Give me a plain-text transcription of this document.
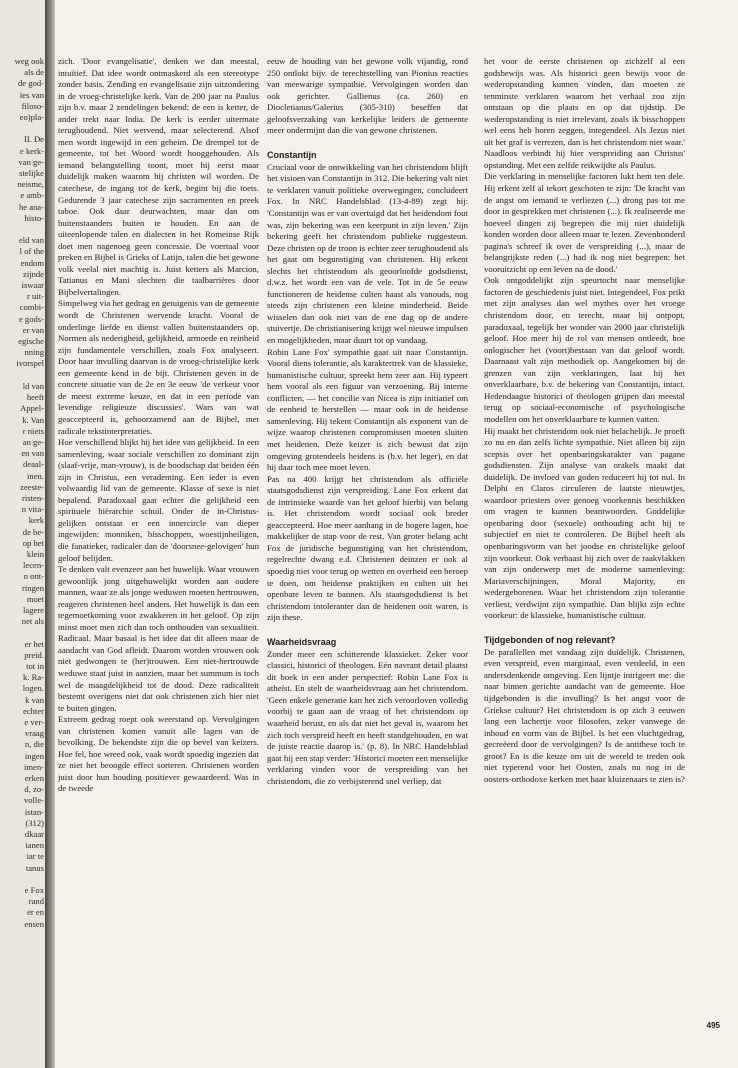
weg ook
als de
de god-
ies van
filoso-
eo)pla-

II. De
e kerk-
van ge-
stelijke
neisme,
e amb-
he ana-
histo-

eld van
l of the
endom
zijnde
iswaar
r uit-
combi-
e gods-
er van
egische
nning
ivorspel

ld van
heeft
Appel-
k. Van
r niets
an ge-
en van
deaal-
inen.
zeeste-
risten-
n vita-
kerk
de be-
op het
klein
lecen-
n ont-
ringen
moet
lagere
net als

er het
preid.
tot in
k. Ra-
logen.
k van
echter
e ver-
vraag
n, die
ingen
imen-
erken
d, zo-
volle-
istan-
(312)
dkaar
ianen
iar te
tanus

e Fox
rand
er en
ensen

zich. 'Door evangelisatie', denken we dan meestal, intuïtief. Dat idee wordt ontmaskerd als een stereotype zonder basis. Zending en evangelisatie zijn uitzondering in de vroeg-christelijke kerk. Van de 200 jaar na Paulus zijn b.v. maar 2 zendelingen bekend: de een is ketter, de ander trekt naar India. De kerk is eerder uitermate terughoudend. Niet wervend, maar selecterend. Alsof men wordt ingewijd in een geheim. De drempel tot de gemeente, tot het Woord wordt hooggehouden. Als iemand belangstelling toont, moet hij eerst maar duidelijk maken waarom hij christen wil worden. De catechese, de ingang tot de kerk, begint bij die toets. Gedurende 3 jaar catechese zijn sacramenten en preek taboe. Ook daar deurwachten, maar dan om buitenstaanders buiten te houden. En aan de uiteenlopende talen en dialecten in het Romeinse Rijk doet men nagenoeg geen concessie. De voertaal voor preken en Bijbel is Grieks of Latijn, talen die het gewone volk veelal niet machtig is. Juist ketters als Marcion, Tatianus en Mani slechten die taalbarrières door Bijbelvertalingen.

Simpelweg via het gedrag en getuigenis van de gemeente wordt de Christenen wervende kracht. Vooral de onderlinge liefde en dienst vallen buitenstaanders op. Normen als nederigheid, gelijkheid, armoede en reinheid zijn fundamentele verschillen, zoals Fox analyseert. Door haar invulling daarvan is de vroeg-christelijke kerk een gemeente kend in de bijt. Christenen geven in de concrete situatie van de 2e en 3e eeuw 'de verkeur voor de meest extreme keuze, en dat in een periode van levendige religieuze discussies'. Wars van wat geaccepteerd is, gehoorzamend aan de Bijbel, met radicale tekstinterpretaties.

Hoe verschillend blijkt hij het idee van gelijkheid. In een samenleving, waar sociale verschillen zo dominant zijn (slaaf-vrije, man-vrouw), is de boodschap dat beiden één zijn in Christus, een verademing. Een ieder is even volwaardig lid van de gemeente. Klasse of sexe is niet bepalend. Paradoxaal gaat echter die gelijkheid een spirituele hiërarchie schuil. Onder de in-Christus-gelijken ontstaat er een innercircle van dieper ingewijden: monniken, bisschoppen, woestijnheiligen, die fanatieker, radicaler dan de 'doorsnee-gelovigen' hun geloof belijden.

Te denken valt evenzeer aan het huwelijk. Waar vrouwen gewoonlijk jong uitgehuwelijkt worden aan oudere mannen, waar ze als jonge weduwen moeten hertrouwen, reageren christenen heel anders. Het huwelijk is dan een tegemoetkoming voor zwakkeren in het geloof. Op zijn minst moet men zich dan toch onthouden van sexualiteit. Radicaal. Maar basaal is het idee dat dit alleen maar de aandacht van God afleidt. Daarom worden vrouwen ook niet gedwongen te (her)trouwen. Een niet-hertrouwde weduwe staat juist in aanzien, maar het summum is toch wel de maagdelijkheid tot de dood. Deze radicaliteit bestemt overigens niet dat ook christenen zich hier niet te buiten gingen.

Extreem gedrag roept ook weerstand op. Vervolgingen van christenen komen vanuit alle lagen van de bevolking. De bekendste zijn die op bevel van keizers. Hoe fel, hoe wreed ook, vaak wordt spoedig ingezien dat ze niet het beoogde effect sorteren. Christenen worden juist door hun houding positiever gewaardeerd. Was in de tweede

eeuw de houding van het gewone volk vijandig, rond 250 ontlokt bijv. de terechtstelling van Pionius reacties van meewarige sympathie. Vervolgingen worden dan ook gerichter. Gallienus (ca. 260) en Diocletianus/Galerius (305-310) beseffen dat geloofsverzaking van kerkelijke leiders de gemeente meer ondermijnt dan die van gewone christenen.

Constantijn

Cruciaal voor de ontwikkeling van het christendom blijft het visioen van Constantijn in 312. Die bekering valt niet te verklaren vanuit politieke overwegingen, concludeert Fox. In NRC Handelsblad (13-4-89) zegt hij: 'Constantijn was er van overtuigd dat het heidendom fout was, zijn bekering was een keerpunt in zijn leven.' Zijn bekering geeft het christendom publieke ruggesteun. Deze christen op de troon is echter zeer terughoudend als het gaat om begunstiging van christenen. Hij erkent slechts het christendom als geoorloofde godsdienst, d.w.z. het wordt een van de vele. Tot in de 5e eeuw functioneren de heidense culten haast als vanouds, nog steeds zijn christenen een kleine minderheid. Beide wisselen dan ook niet van de ene dag op de andere stuivertje. De christianisering krijgt wel nieuwe impulsen en mogelijkheden, maar duurt tot op vandaag.

Robin Lane Fox' sympathie gaat uit naar Constantijn. Vooral diens tolerantie, als karaktertrek van de klassieke, humanistische cultuur, spreekt hem zeer aan. Hij typeert hem vooral als een figuur van verzoening. Bij interne conflicten, — het concilie van Nicea is zijn initiatief om de eenheid te herstellen — maar ook in de heidense samenleving. Hij tekent Constantijn als exponent van de wijze waarop christenen compromissen moeten sluiten met heidenen. Deze keizer is zich bewust dat zijn omgeving grotendeels heidens is (b.v. het leger), en dat hij daar toch mee moet leven.

Pas na 400 krijgt het christendom als officiële staatsgodsdienst zijn verspreiding. Lane Fox erkent dat de intrinsieke waarde van het geloof hierbij van belang is. Het christendom wordt sociaal ook breder geaccepteerd. Hoe meer aanhang in de hogere lagen, hoe makkelijker de stap voor de rest. Van groter belang acht Fox de juridische begunstiging van het christendom, regelrechte dwang e.d. Christenen deinzen er ook al spoedig niet voor terug op wetten en overheid een beroep te doen, om heidense praktijken en culten uit het openbare leven te bannen. Als staatsgodsdienst is het christendom intoleranter dan de heidenen ooit waren, is zijn these.

Waarheidsvraag

Zonder meer een schitterende klassieker. Zeker voor classici, historici of theologen. Eén navrant detail plaatst dit boek in een ander perspectief: Robin Lane Fox is atheïst. En stelt de waarheidsvraag aan het christendom. 'Geen enkele generatie kan het zich veroorloven volledig voorbij te gaan aan de vraag of het christendom op waarheid berust, en als dat niet het geval is, waarom het zich toch verspreid heeft en heeft standgehouden, en wat de juiste reactie daarop is.' (p. 8). In NRC Handelsblad gaat hij een stap verder: 'Historici moeten een menselijke verklaring vinden voor de verspreiding van het christendom, die zo verbijsterend snel verliep, dat

het voor de eerste christenen op zichzelf al een godsbewijs was. Als historici geen bewijs voor de wederopstanding kunnen vinden, dan moeten ze tenminste verklaren waarom het verhaal zou zijn ontstaan op die plaats en op dat tijdstip. De wederopstanding is niet irrelevant, zoals ik bisschoppen wel eens heb horen zeggen, integendeel. Als Jezus niet uit het graf is verrezen, dan is het christendom niet waar.' Naadloos verbindt hij hier verspreiding aan Christus' opstanding. Met een zelfde reikwijdte als Paulus.

Die verklaring in menselijke factoren lukt hem ten dele. Hij erkent zelf al tekort geschoten te zijn: 'De kracht van de angst om iemand te verliezen (...) drong pas tot me door in gesprekken met christenen (...). Ik realiseerde me hoeveel dingen zij begrepen die mij niet duidelijk konden worden door alleen maar te lezen. Zevenhonderd pagina's schreef ik over de verspreiding (...), maar de belangrijkste reden (...) had ik nog niet begrepen: het vooruitzicht op een leven na de dood.'

Ook ontgoddelijkt zijn speurtocht naar menselijke factoren de geschiedenis juist niet. Integendeel, Fox prikt met zijn analyses dan wel mythes over het vroege christendom door, en terecht, maar hij ontpopt, paradoxaal, tegelijk het wonder van 2000 jaar christelijk geloof. Hoe meer hij de rol van mensen ontleedt, hoe onlogischer het (voort)bestaan van dat geloof wordt. Daarnaast valt zijn methodiek op. Aangekomen bij de grenzen van zijn verklaringen, laat hij het onverklaarbare, b.v. de bekering van Constantijn, intact. Hedendaagse historici of theologen grijpen dan meestal terug op sociaal-economische of psychologische modellen om het onverklaarbare te kunnen vatten.

Hij maakt het christendom ook niet belachelijk. Je proeft zo nu en dan zelfs lichte sympathie. Niet alleen bij zijn scepsis over het openbaringskarakter van pagane godsdiensten. Zijn analyse van orakels maakt dat duidelijk. De invloed van goden reduceert hij tot nul. In Delphi en Claros circuleren de laatste nieuwtjes, waardoor priesters over genoeg voorkennis beschikken om vragen te kunnen beantwoorden. Goddelijke openbaring door (sexuele) onthouding acht hij te subjectief en niet te controleren. De Bijbel heeft als openbaringsvorm van het joodse en christelijke geloof zijn voorkeur. Ook verbaast hij zich over de raakvlakken van zijn onderwerp met de moderne samenleving: Mariaverschijningen, Moral Majority, en wedergeborenen. Waar het christendom zijn tolerantie verliest, verdwijnt zijn sympathie. Dan blijkt zijn echte voorkeur: de klassieke, humanistische cultuur.

Tijdgebonden of nog relevant?

De parallellen met vandaag zijn duidelijk. Christenen, even verspreid, even marginaal, even verdeeld, in een andersdenkende omgeving. Een lijntje intrigeert me: die naar binnen gerichte aandacht van de gemeente. Hoe tijdgebonden is die invulling? Is het angst voor de Griekse cultuur? Het christendom is op zich 3 eeuwen lang een lachertje voor filosofen, zeker vanwege de inhoud en vorm van de Bijbel. Is het een vluchtgedrag, gecreëerd door de vervolgingen? Is de antithese toch te groot? En is die keuze om uit de wereld te treden ook niet typerend voor het Oosten, zoals nu nog in de oosters-orthodoxe kerken met haar kluizenaars te zien is?

495
